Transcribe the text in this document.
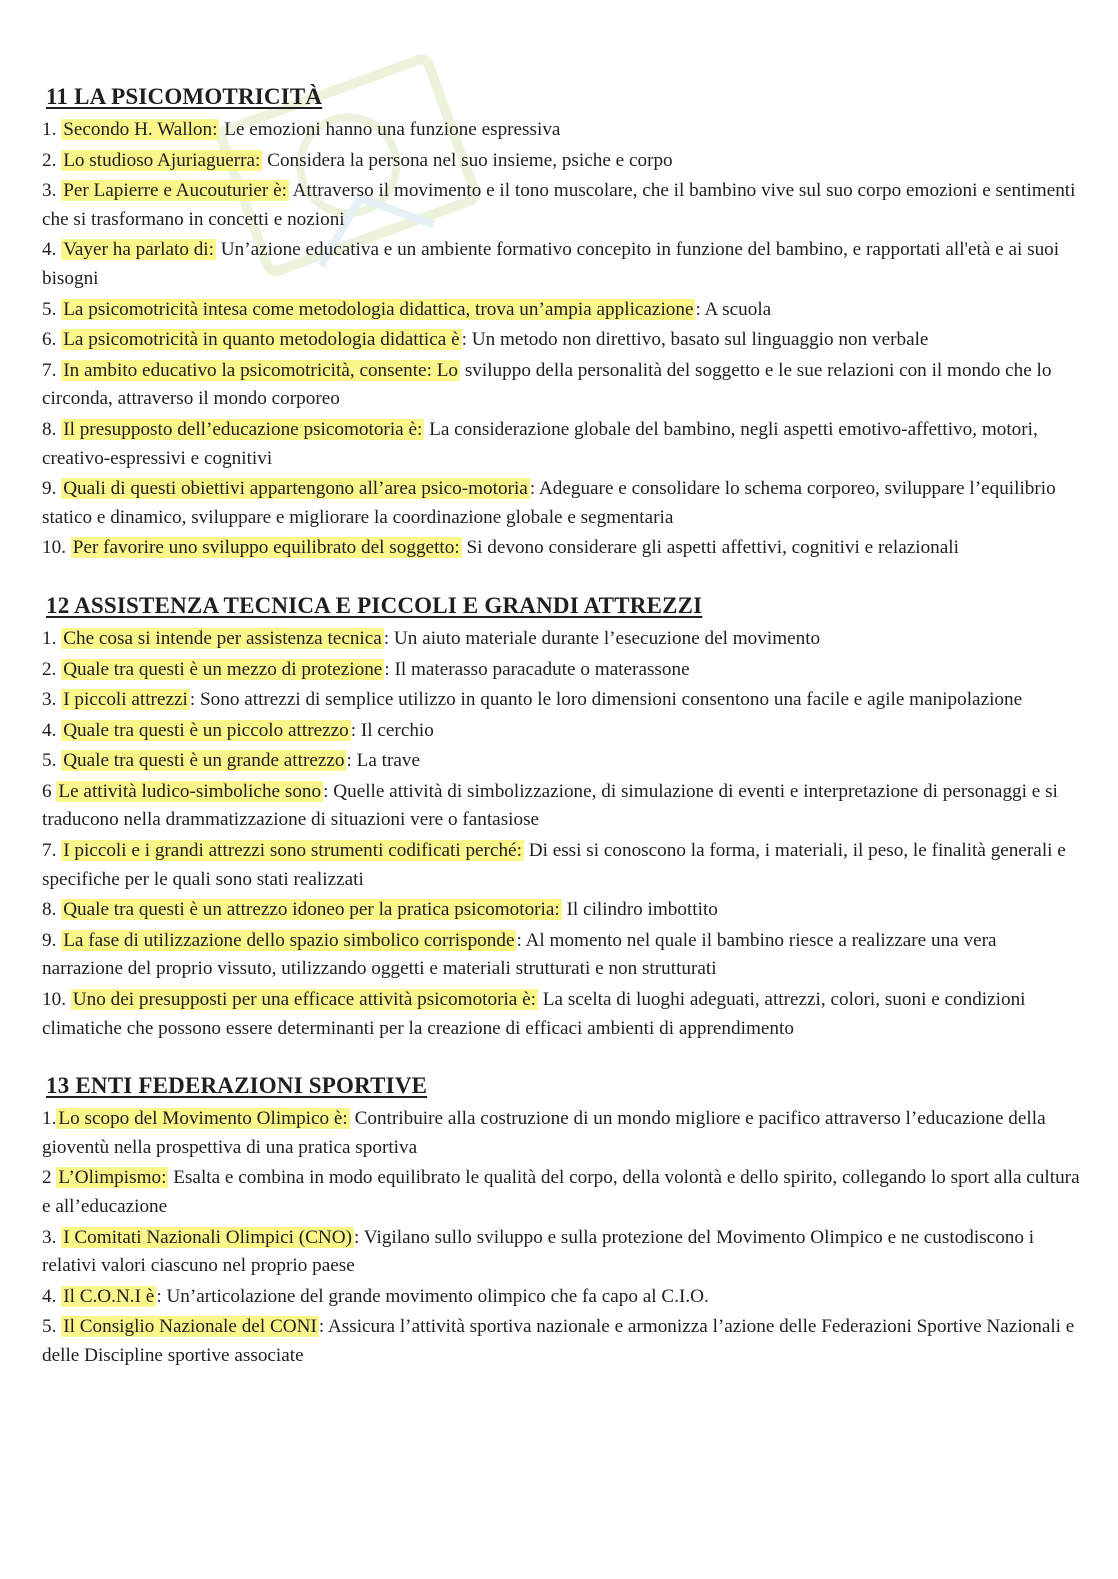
11 LA PSICOMOTRICITÀ

1. Secondo H. Wallon: Le emozioni hanno una funzione espressiva

2. Lo studioso Ajuriaguerra: Considera la persona nel suo insieme, psiche e corpo

3. Per Lapierre e Aucouturier è: Attraverso il movimento e il tono muscolare, che il bambino vive sul suo corpo emozioni e sentimenti che si trasformano in concetti e nozioni

4. Vayer ha parlato di: Un’azione educativa e un ambiente formativo concepito in funzione del bambino, e rapportati all'età e ai suoi bisogni

5. La psicomotricità intesa come metodologia didattica, trova un’ampia applicazione : A scuola

6. La psicomotricità in quanto metodologia didattica è : Un metodo non direttivo, basato sul linguaggio non verbale

7. In ambito educativo la psicomotricità, consente: Lo sviluppo della personalità del soggetto e le sue relazioni con il mondo che lo circonda, attraverso il mondo corporeo

8. Il presupposto dell’educazione psicomotoria è: La considerazione globale del bambino, negli aspetti emotivo-affettivo, motori, creativo-espressivi e cognitivi

9. Quali di questi obiettivi appartengono all’area psico-motoria : Adeguare e consolidare lo schema corporeo, sviluppare l’equilibrio statico e dinamico, sviluppare e migliorare la coordinazione globale e segmentaria

10. Per favorire uno sviluppo equilibrato del soggetto: Si devono considerare gli aspetti affettivi, cognitivi e relazionali

12 ASSISTENZA TECNICA E PICCOLI E GRANDI ATTREZZI

1. Che cosa si intende per assistenza tecnica : Un aiuto materiale durante l’esecuzione del movimento

2. Quale tra questi è un mezzo di protezione : Il materasso paracadute o materassone

3. I piccoli attrezzi : Sono attrezzi di semplice utilizzo in quanto le loro dimensioni consentono una facile e agile manipolazione

4. Quale tra questi è un piccolo attrezzo : Il cerchio

5. Quale tra questi è un grande attrezzo : La trave

6 Le attività ludico-simboliche sono : Quelle attività di simbolizzazione, di simulazione di eventi e interpretazione di personaggi e si traducono nella drammatizzazione di situazioni vere o fantasiose

7. I piccoli e i grandi attrezzi sono strumenti codificati perché: Di essi si conoscono la forma, i materiali, il peso, le finalità generali e specifiche per le quali sono stati realizzati

8. Quale tra questi è un attrezzo idoneo per la pratica psicomotoria: Il cilindro imbottito

9. La fase di utilizzazione dello spazio simbolico corrisponde : Al momento nel quale il bambino riesce a realizzare una vera narrazione del proprio vissuto, utilizzando oggetti e materiali strutturati e non strutturati

10. Uno dei presupposti per una efficace attività psicomotoria è: La scelta di luoghi adeguati, attrezzi, colori, suoni e condizioni climatiche che possono essere determinanti per la creazione di efficaci ambienti di apprendimento

13 ENTI FEDERAZIONI SPORTIVE

1. Lo scopo del Movimento Olimpico è: Contribuire alla costruzione di un mondo migliore e pacifico attraverso l’educazione della gioventù nella prospettiva di una pratica sportiva

2 L’Olimpismo: Esalta e combina in modo equilibrato le qualità del corpo, della volontà e dello spirito, collegando lo sport alla cultura e all’educazione

3. I Comitati Nazionali Olimpici (CNO) : Vigilano sullo sviluppo e sulla protezione del Movimento Olimpico e ne custodiscono i relativi valori ciascuno nel proprio paese

4. Il C.O.N.I è : Un’articolazione del grande movimento olimpico che fa capo al C.I.O.

5. Il Consiglio Nazionale del CONI : Assicura l’attività sportiva nazionale e armonizza l’azione delle Federazioni Sportive Nazionali e delle Discipline sportive associate
